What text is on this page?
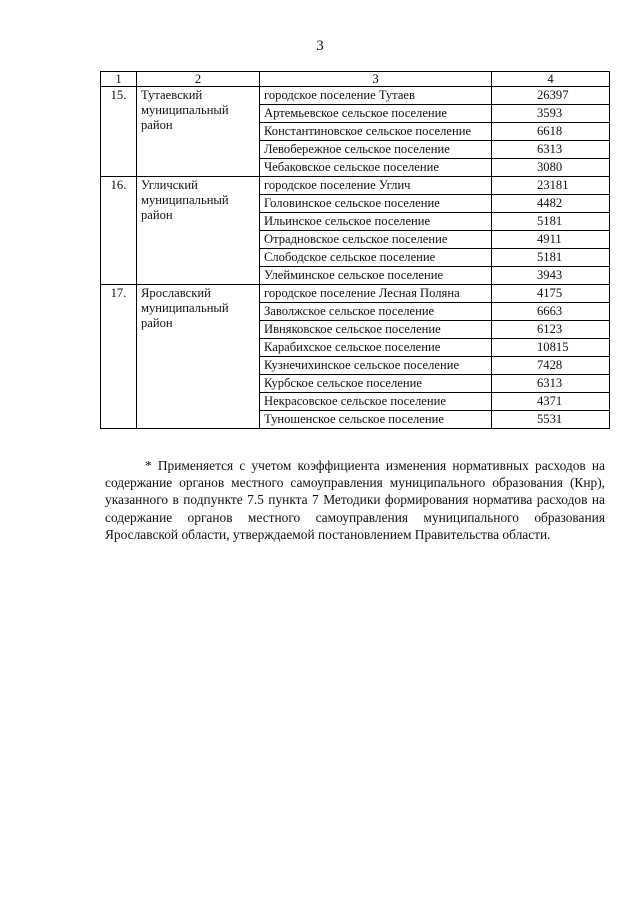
3
1	2	3	4
15.	Тутаевский муниципальный район	городское поселение Тутаев	26397
		Артемьевское сельское поселение	3593
		Константиновское сельское поселение	6618
		Левобережное сельское поселение	6313
		Чебаковское сельское поселение	3080
16.	Угличский муниципальный район	городское поселение Углич	23181
		Головинское сельское поселение	4482
		Ильинское сельское поселение	5181
		Отрадновское сельское поселение	4911
		Слободское сельское поселение	5181
		Улейминское сельское поселение	3943
17.	Ярославский муниципальный район	городское поселение Лесная Поляна	4175
		Заволжское сельское поселение	6663
		Ивняковское сельское поселение	6123
		Карабихское сельское поселение	10815
		Кузнечихинское сельское поселение	7428
		Курбское сельское поселение	6313
		Некрасовское сельское поселение	4371
		Туношенское сельское поселение	5531

* Применяется с учетом коэффициента изменения нормативных расходов на содержание органов местного самоуправления муниципального образования (Кнр), указанного в подпункте 7.5 пункта 7 Методики формирования норматива расходов на содержание органов местного самоуправления муниципального образования Ярославской области, утверждаемой постановлением Правительства области.
